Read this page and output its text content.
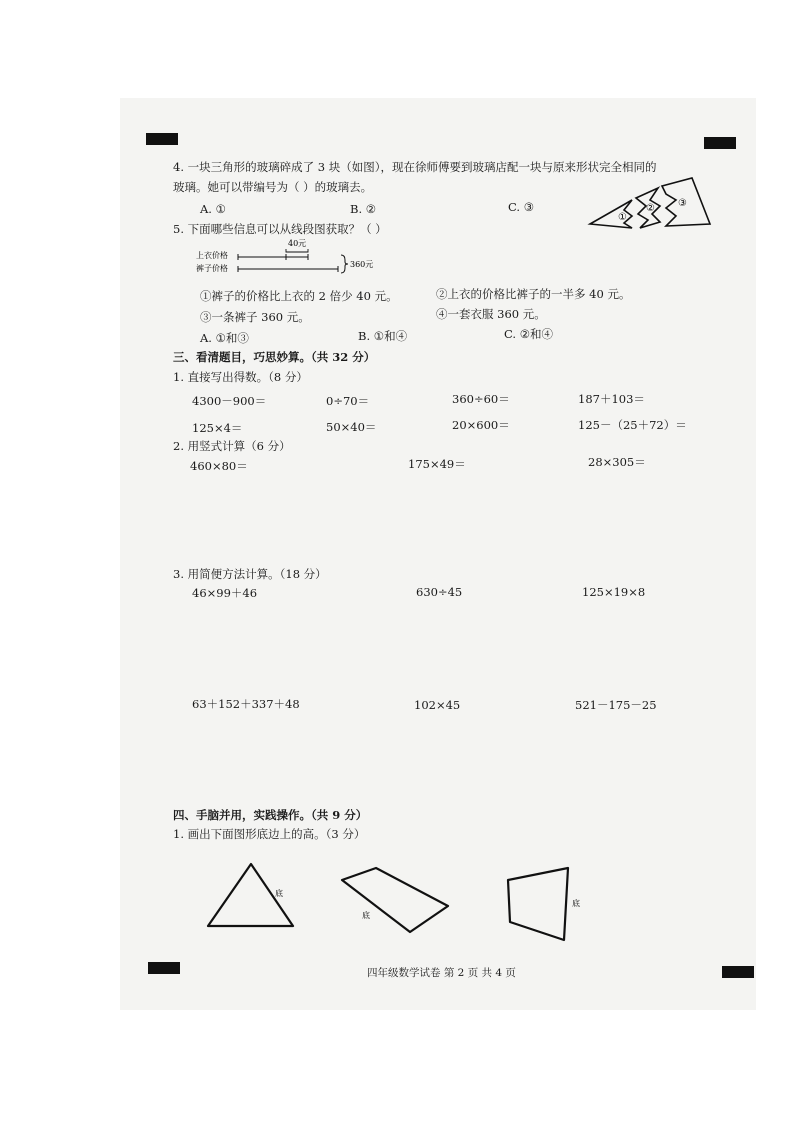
4. 一块三角形的玻璃碎成了 3 块（如图），现在徐师傅要到玻璃店配一块与原来形状完全相同的
玻璃。她可以带编号为（ ）的玻璃去。
A. ①	B. ②	C. ③
①
② ③
5. 下面哪些信息可以从线段图获取？（ ）
40元
上衣价格
裤子价格	360元
①裤子的价格比上衣的 2 倍少 40 元。	②上衣的价格比裤子的一半多 40 元。
③一条裤子 360 元。	④一套衣服 360 元。
A. ①和③	B. ①和④	C. ②和④
三、看清题目，巧思妙算。（共 32 分）
1. 直接写出得数。（8 分）
4300－900＝	0÷70＝	360÷60＝	187＋103＝
125×4＝	50×40＝	20×600＝	125－（25＋72）＝
2. 用竖式计算（6 分）
460×80＝	175×49＝	28×305＝
3. 用简便方法计算。（18 分）
46×99＋46	630÷45	125×19×8
63＋152＋337＋48	102×45	521－175－25
四、手脑并用，实践操作。（共 9 分）
1. 画出下面图形底边上的高。（3 分）
底
底
底
四年级数学试卷 第 2 页 共 4 页
